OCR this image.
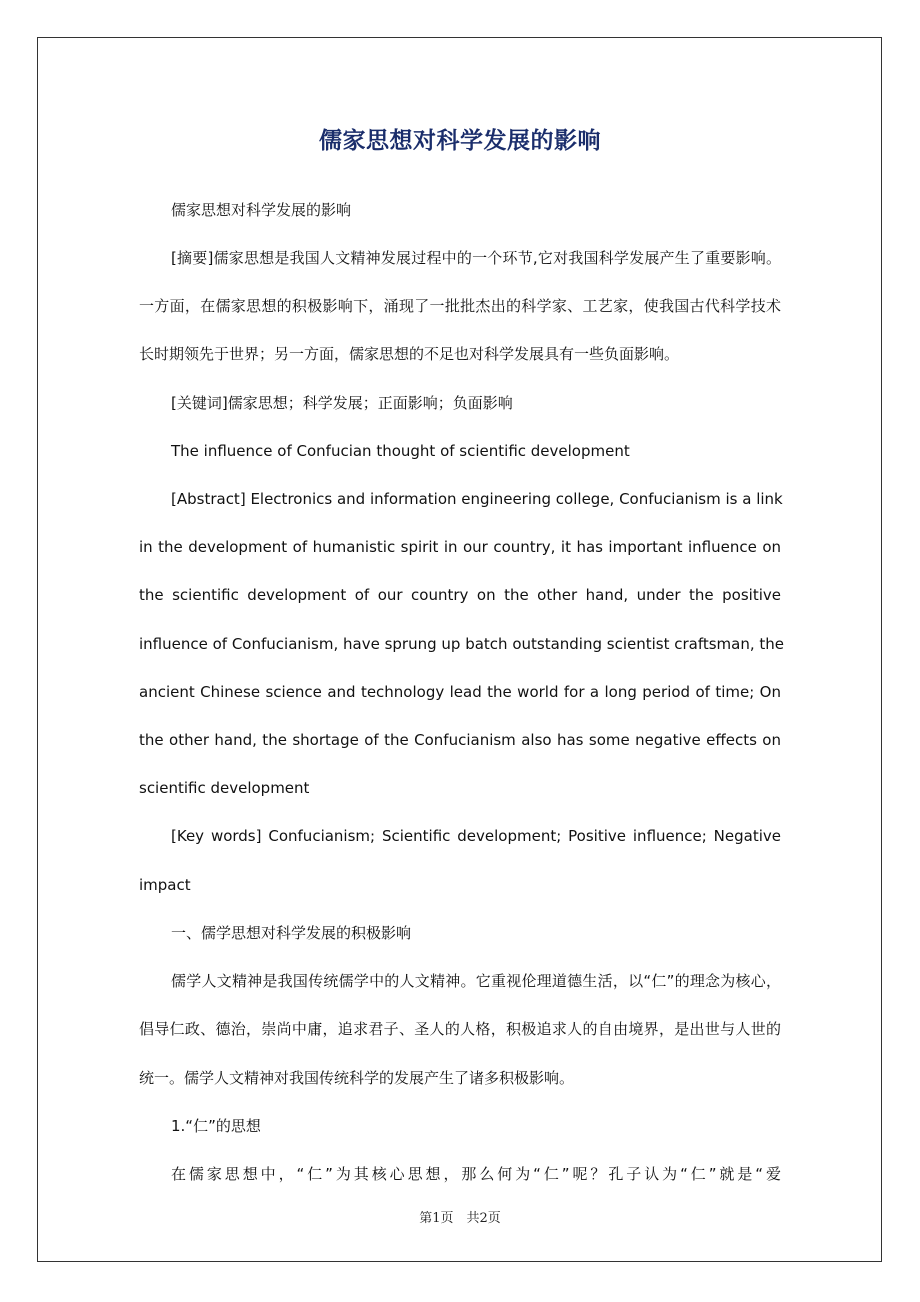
儒家思想对科学发展的影响
儒家思想对科学发展的影响
[摘要]儒家思想是我国人文精神发展过程中的一个环节,它对我国科学发展产生了重要影响。
一方面，在儒家思想的积极影响下，涌现了一批批杰出的科学家、工艺家，使我国古代科学技术
长时期领先于世界；另一方面，儒家思想的不足也对科学发展具有一些负面影响。
[关键词]儒家思想；科学发展；正面影响；负面影响
The influence of Confucian thought of scientific development
[Abstract] Electronics and information engineering college, Confucianism is a link
in the development of humanistic spirit in our country, it has important influence on
the scientific development of our country on the other hand, under the positive
influence of Confucianism, have sprung up batch outstanding scientist craftsman, the
ancient Chinese science and technology lead the world for a long period of time; On
the other hand, the shortage of the Confucianism also has some negative effects on
scientific development
[Key words] Confucianism; Scientific development; Positive influence; Negative
impact
一、儒学思想对科学发展的积极影响
儒学人文精神是我国传统儒学中的人文精神。它重视伦理道德生活，以“仁”的理念为核心，
倡导仁政、德治，崇尚中庸，追求君子、圣人的人格，积极追求人的自由境界，是出世与人世的
统一。儒学人文精神对我国传统科学的发展产生了诸多积极影响。
1.“仁”的思想
在儒家思想中，“仁”为其核心思想，那么何为“仁”呢？孔子认为“仁”就是“爱
第1页　共2页
